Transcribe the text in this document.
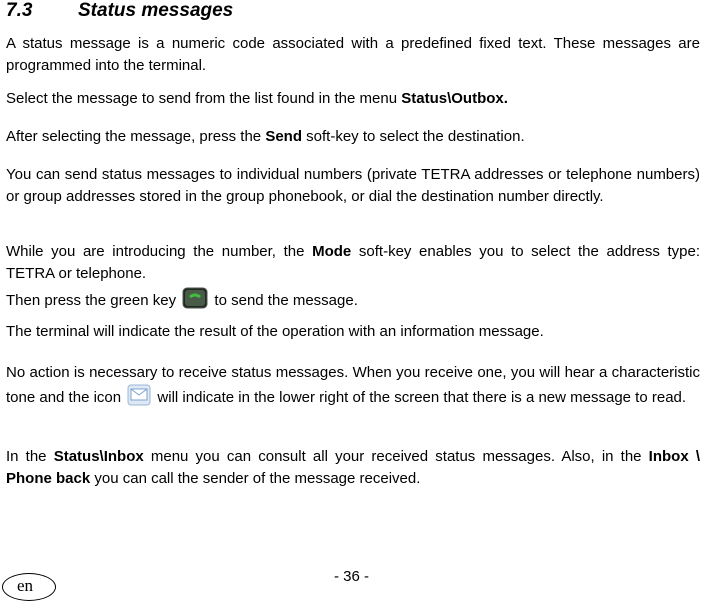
7.3 Status messages

A status message is a numeric code associated with a predefined fixed text. These messages are programmed into the terminal.

Select the message to send from the list found in the menu Status\Outbox.

After selecting the message, press the Send soft-key to select the destination.

You can send status messages to individual numbers (private TETRA addresses or telephone numbers) or group addresses stored in the group phonebook, or dial the destination number directly.

While you are introducing the number, the Mode soft-key enables you to select the address type: TETRA or telephone.

Then press the green key  to send the message.

The terminal will indicate the result of the operation with an information message.

No action is necessary to receive status messages. When you receive one, you will hear a characteristic tone and the icon  will indicate in the lower right of the screen that there is a new message to read.

In the Status\Inbox menu you can consult all your received status messages. Also, in the Inbox \ Phone back you can call the sender of the message received.

- 36 -
en
